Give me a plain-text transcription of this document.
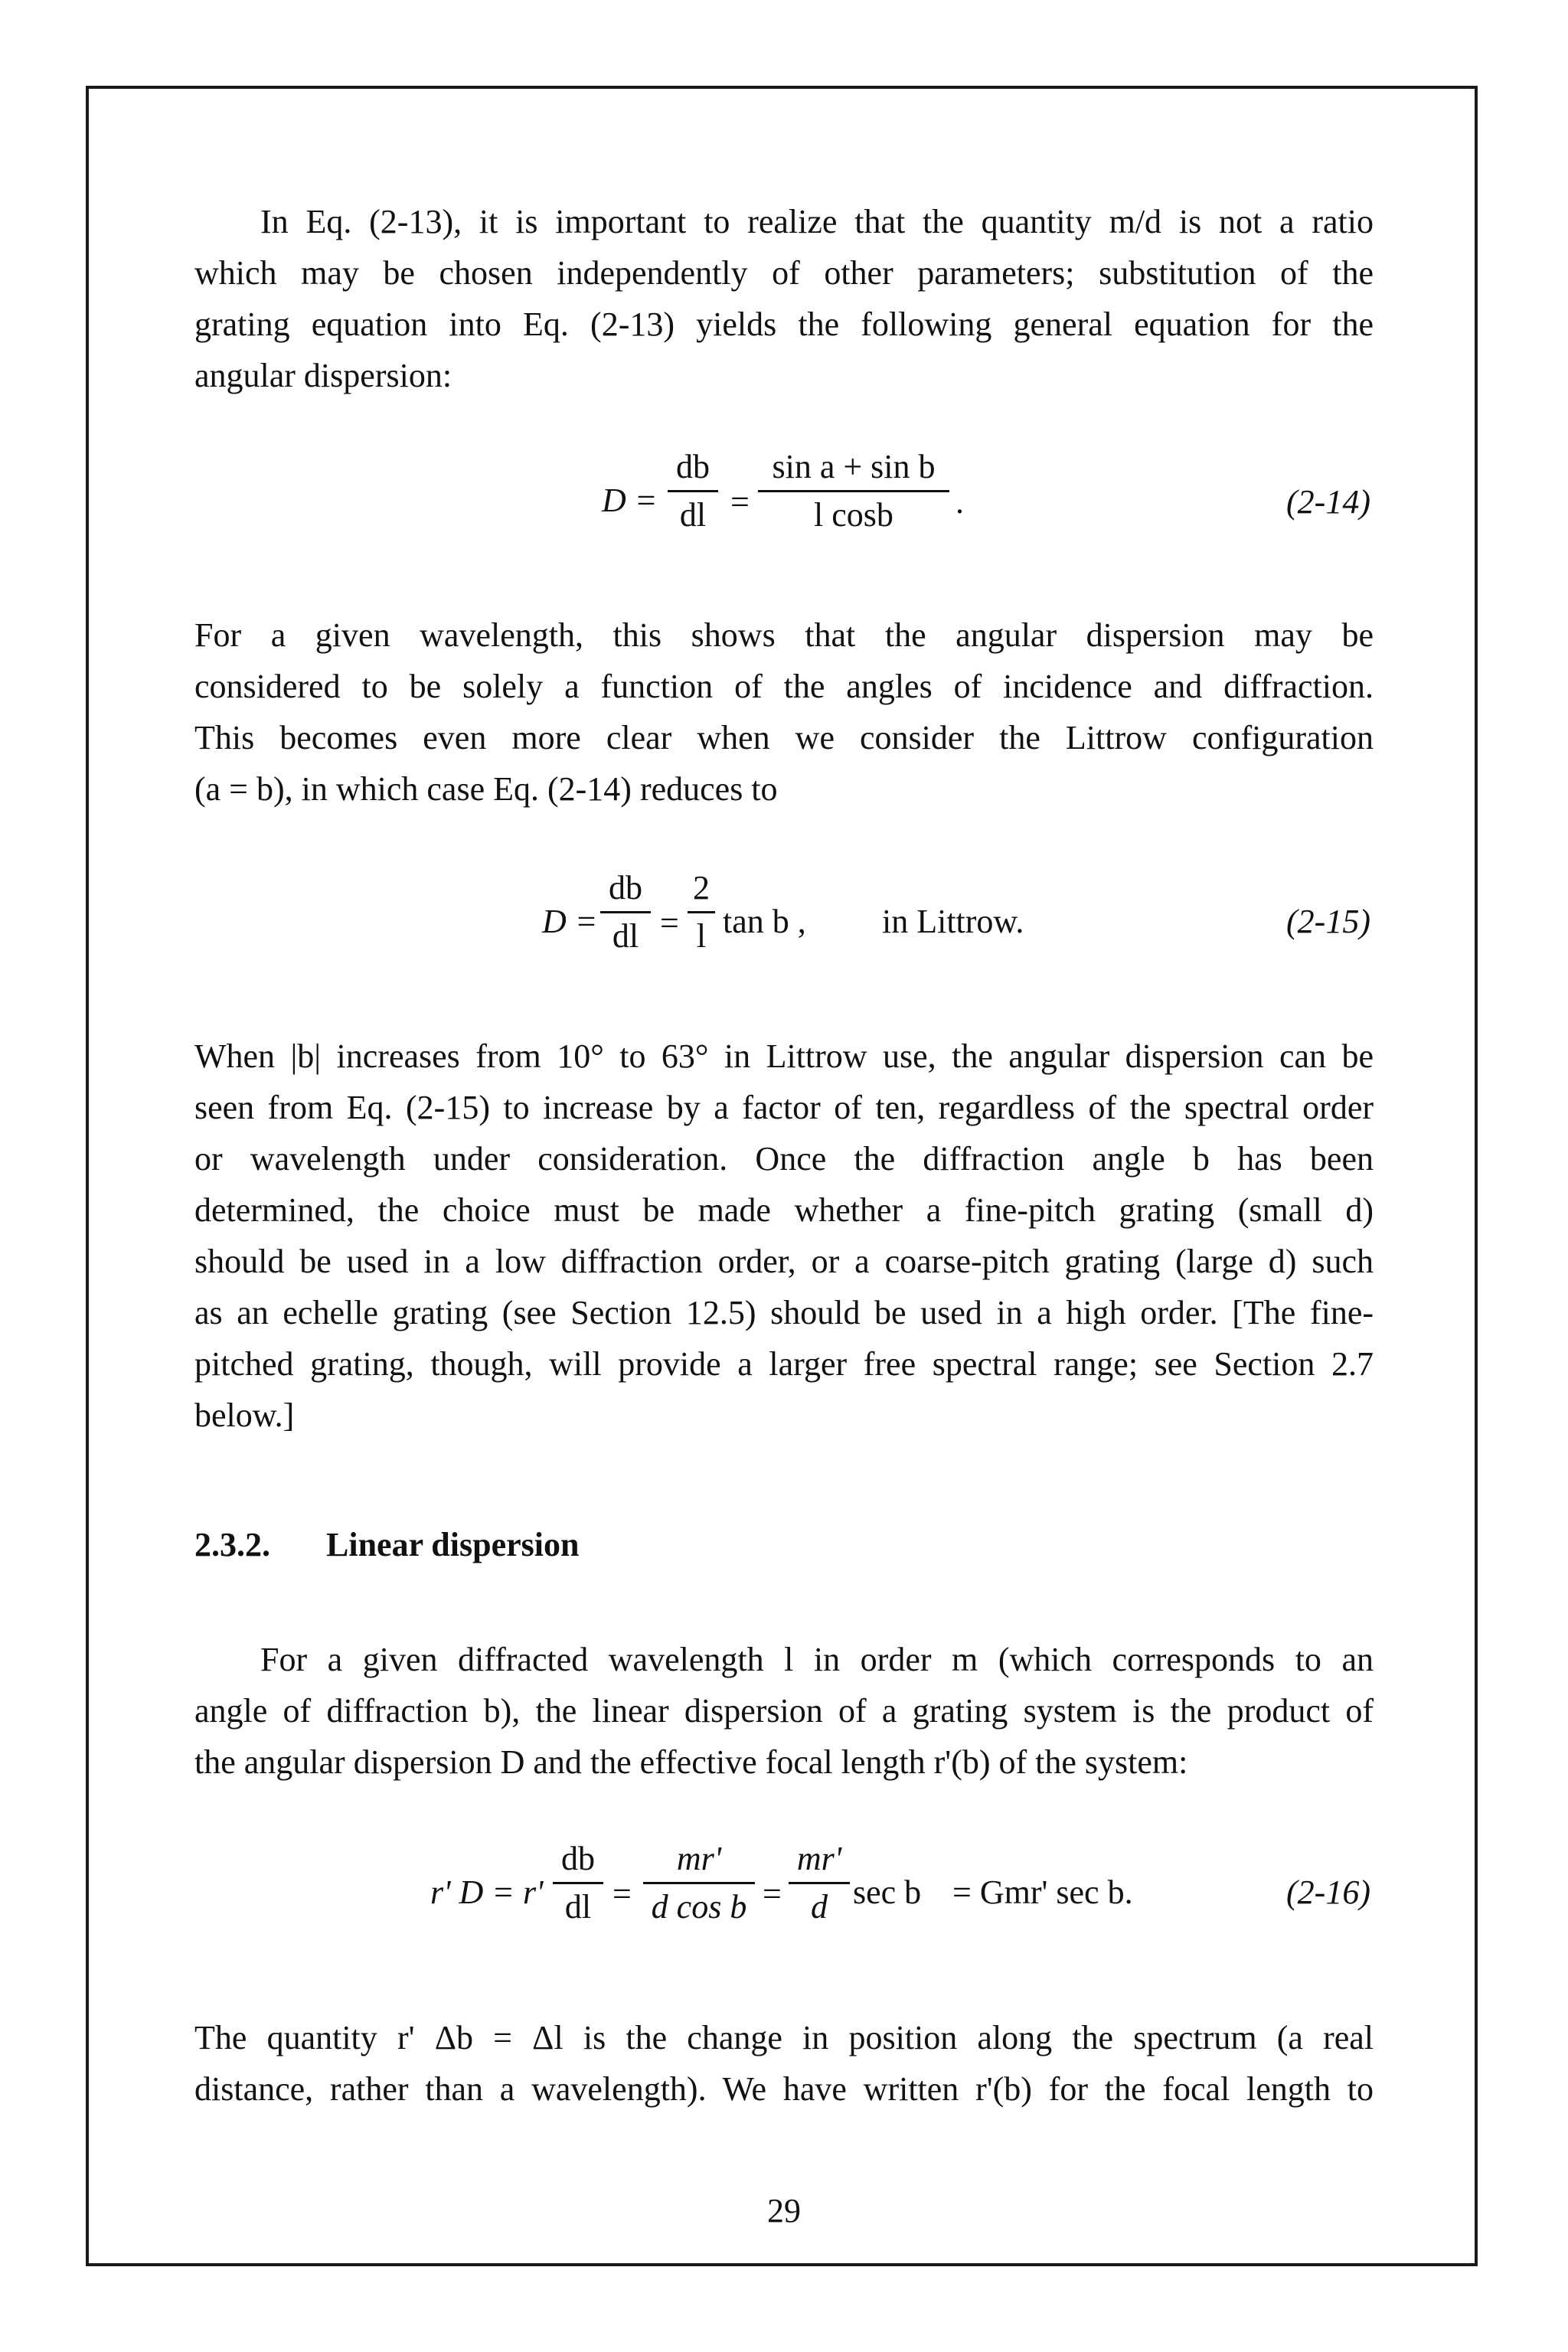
In Eq. (2-13), it is important to realize that the quantity m/d is not a ratio
which may be chosen independently of other parameters; substitution of the
grating equation into Eq. (2-13) yields the following general equation for the
angular dispersion:
D =
db
dl =
sin a + sin b
l cosb .	(2-14)
For a given wavelength, this shows that the angular dispersion may be
considered to be solely a function of the angles of incidence and diffraction.
This becomes even more clear when we consider the Littrow configuration
(a = b), in which case Eq. (2-14) reduces to
D =
db
dl =
2
l tan b , in Littrow.	(2-15)
When |b| increases from 10° to 63° in Littrow use, the angular dispersion can be
seen from Eq. (2-15) to increase by a factor of ten, regardless of the spectral order
or wavelength under consideration. Once the diffraction angle b has been
determined, the choice must be made whether a fine-pitch grating (small d)
should be used in a low diffraction order, or a coarse-pitch grating (large d) such
as an echelle grating (see Section 12.5) should be used in a high order. [The fine-
pitched grating, though, will provide a larger free spectral range; see Section 2.7
below.]
2.3.2. Linear dispersion
For a given diffracted wavelength l in order m (which corresponds to an
angle of diffraction b), the linear dispersion of a grating system is the product of
the angular dispersion D and the effective focal length r'(b) of the system:
r' D = r'
db
dl =
mr'
d cos b =
mr'
d sec b = Gmr' sec b.	(2-16)
The quantity r' Δb = Δl is the change in position along the spectrum (a real
distance, rather than a wavelength). We have written r'(b) for the focal length to
29
